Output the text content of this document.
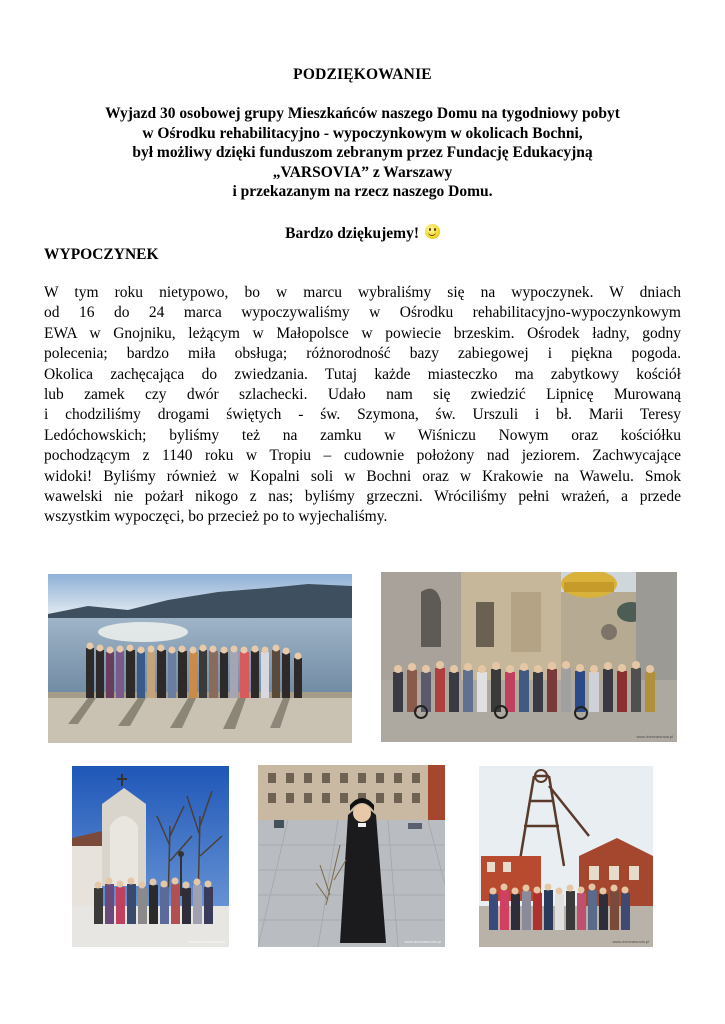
PODZIĘKOWANIE
Wyjazd 30 osobowej grupy Mieszkańców naszego Domu na tygodniowy pobyt
w Ośrodku rehabilitacyjno - wypoczynkowym w okolicach Bochni,
był możliwy dzięki funduszom zebranym przez Fundację Edukacyjną
„VARSOVIA” z Warszawy
i przekazanym na rzecz naszego Domu.
Bardzo dziękujemy!
WYPOCZYNEK
W tym roku nietypowo, bo w marcu wybraliśmy się na wypoczynek. W dniach
od 16 do 24 marca wypoczywaliśmy w Ośrodku rehabilitacyjno-wypoczynkowym
EWA w Gnojniku, leżącym w Małopolsce w powiecie brzeskim. Ośrodek ładny, godny
polecenia; bardzo miła obsługa; różnorodność bazy zabiegowej i piękna pogoda.
Okolica zachęcająca do zwiedzania. Tutaj każde miasteczko ma zabytkowy kościół
lub zamek czy dwór szlachecki. Udało nam się zwiedzić Lipnicę Murowaną
i chodziliśmy drogami świętych - św. Szymona, św. Urszuli i bł. Marii Teresy
Ledóchowskich; byliśmy też na zamku w Wiśniczu Nowym oraz kościółku
pochodzącym z 1140 roku w Tropiu – cudownie położony nad jeziorem. Zachwycające
widoki! Byliśmy również w Kopalni soli w Bochni oraz w Krakowie na Wawelu. Smok
wawelski nie pożarł nikogo z nas; byliśmy grzeczni. Wróciliśmy pełni wrażeń, a przede
wszystkim wypoczęci, bo przecież po to wyjechaliśmy.
www.domvarsovia.pl
www.domvarsovia.pl	www.domvarsovia.pl	www.domvarsovia.pl
